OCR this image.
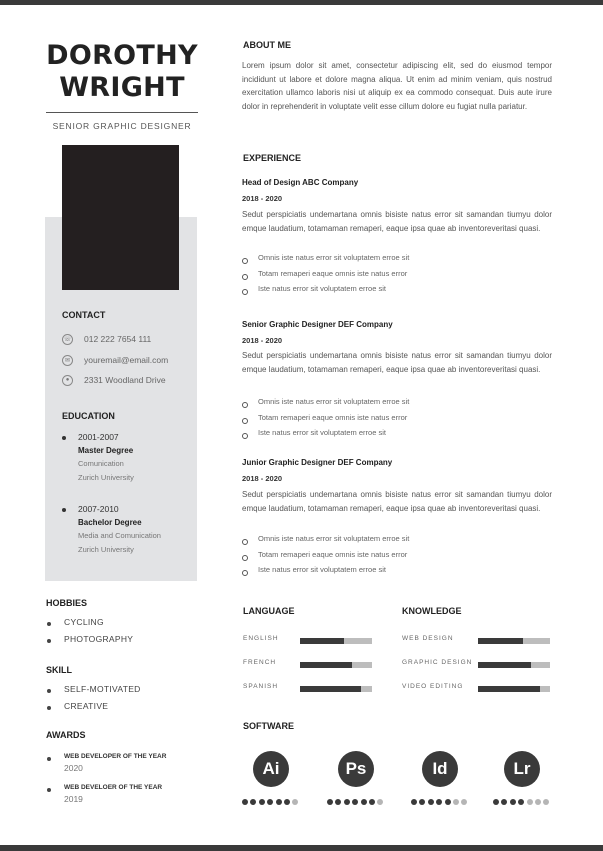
DOROTHY
WRIGHT
SENIOR GRAPHIC DESIGNER
CONTACT
☏ 012 222 7654 111
✉	youremail@email.com
●	2331 Woodland Drive
EDUCATION
2001-2007
Master Degree
Comunication
Zurich University
2007-2010
Bachelor Degree
Media and Comunication
Zurich University
HOBBIES
CYCLING
PHOTOGRAPHY
SKILL
SELF-MOTIVATED
CREATIVE
AWARDS
WEB DEVELOPER OF THE YEAR
2020
WEB DEVELOER OF THE YEAR
2019
ABOUT ME
Lorem ipsum dolor sit amet, consectetur adipiscing elit, sed do eiusmod tempor incididunt ut labore et dolore magna aliqua. Ut enim ad minim veniam, quis nostrud exercitation ullamco laboris nisi ut aliquip ex ea commodo consequat. Duis aute irure dolor in reprehenderit in voluptate velit esse cillum dolore eu fugiat nulla pariatur.
EXPERIENCE
Head of Design ABC Company
2018 - 2020
Sedut perspiciatis undemartana omnis bisiste natus error sit samandan tiumyu dolor emque laudatium, totamaman remaperi, eaque ipsa quae ab inventoreveritasi quasi.
Omnis iste natus error sit voluptatem erroe sit
Totam remaperi eaque omnis iste natus error
Iste natus error sit voluptatem erroe sit
Senior Graphic Designer DEF Company
2018 - 2020
Sedut perspiciatis undemartana omnis bisiste natus error sit samandan tiumyu dolor emque laudatium, totamaman remaperi, eaque ipsa quae ab inventoreveritasi quasi.
Omnis iste natus error sit voluptatem erroe sit
Totam remaperi eaque omnis iste natus error
Iste natus error sit voluptatem erroe sit
Junior Graphic Designer DEF Company
2018 - 2020
Sedut perspiciatis undemartana omnis bisiste natus error sit samandan tiumyu dolor emque laudatium, totamaman remaperi, eaque ipsa quae ab inventoreveritasi quasi.
Omnis iste natus error sit voluptatem erroe sit
Totam remaperi eaque omnis iste natus error
Iste natus error sit voluptatem erroe sit
LANGUAGE
ENGLISH
FRENCH
SPANISH
KNOWLEDGE
WEB DESIGN
GRAPHIC DESIGN
VIDEO EDITING
SOFTWARE
Ai	Ps	Id	Lr
